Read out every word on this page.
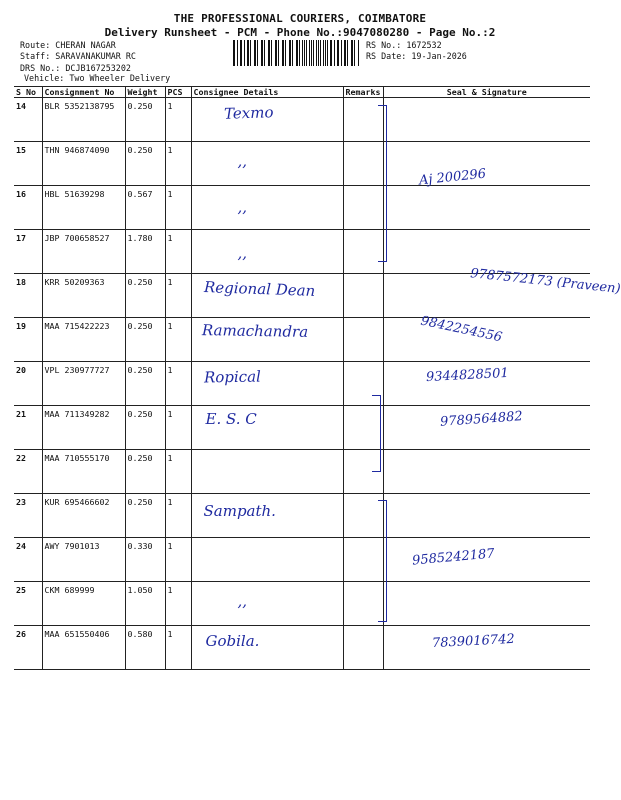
THE PROFESSIONAL COURIERS, COIMBATORE
Delivery Runsheet - PCM - Phone No.:9047080280 - Page No.:2
Route: CHERAN NAGAR
Staff: SARAVANAKUMAR RC
DRS No.: DCJB167253202
Vehicle: Two Wheeler Delivery
RS No.: 1672532
RS Date: 19-Jan-2026
S No	Consignment No	Weight	PCS	Consignee Details	Remarks	Seal & Signature
14	BLR 5352138795	0.250	1	Texmo		

15	THN 946874090	0.250	1	,,		

16	HBL 51639298	0.567	1	,,		Aj 200296

17	JBP 700658527	1.780	1	,,		

18	KRR 50209363	0.250	1	Regional Dean		9787572173 (Praveen)

19	MAA 715422223	0.250	1	Ramachandra		9842254556

20	VPL 230977727	0.250	1	Ropical		9344828501

21	MAA 711349282	0.250	1	E. S. C		9789564882

22	MAA 710555170	0.250	1	

23	KUR 695466602	0.250	1	Sampath.		

24	AWY 7901013	0.330	1			9585242187

25	CKM 689999	1.050	1	,,		

26	MAA 651550406	0.580	1	Gobila.		7839016742
